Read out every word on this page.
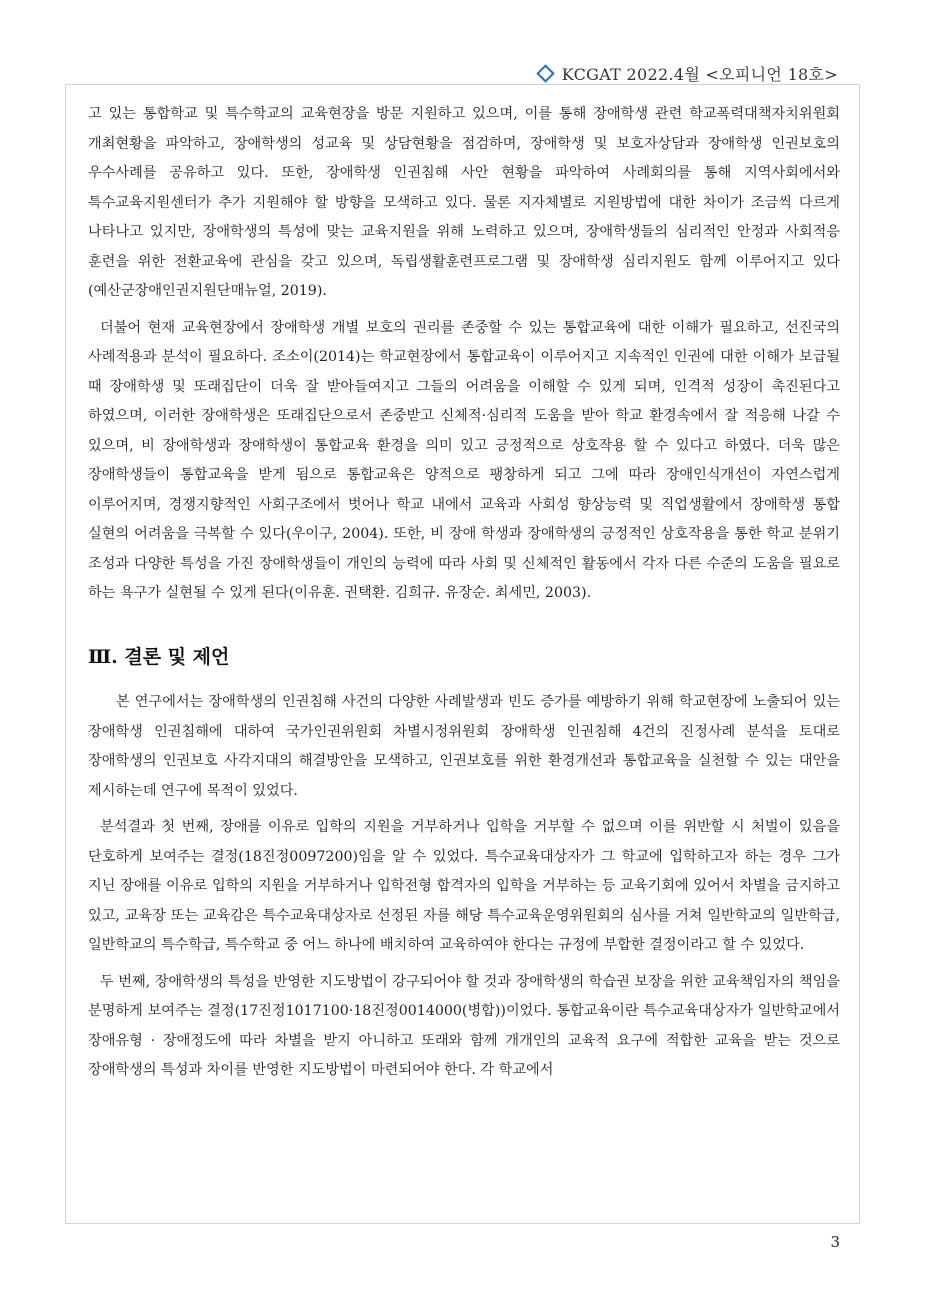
KCGAT 2022.4월 <오피니언 18호>

고 있는 통합학교 및 특수학교의 교육현장을 방문 지원하고 있으며, 이를 통해 장애학생 관련 학교폭력대책자치위원회 개최현황을 파악하고, 장애학생의 성교육 및 상담현황을 점검하며, 장애학생 및 보호자상담과 장애학생 인권보호의 우수사례를 공유하고 있다. 또한, 장애학생 인권침해 사안 현황을 파악하여 사례회의를 통해 지역사회에서와 특수교육지원센터가 추가 지원해야 할 방향을 모색하고 있다. 물론 지자체별로 지원방법에 대한 차이가 조금씩 다르게 나타나고 있지만, 장애학생의 특성에 맞는 교육지원을 위해 노력하고 있으며, 장애학생들의 심리적인 안정과 사회적응 훈련을 위한 전환교육에 관심을 갖고 있으며, 독립생활훈련프로그램 및 장애학생 심리지원도 함께 이루어지고 있다(예산군장애인권지원단매뉴얼, 2019).

더불어 현재 교육현장에서 장애학생 개별 보호의 권리를 존중할 수 있는 통합교육에 대한 이해가 필요하고, 선진국의 사례적용과 분석이 필요하다. 조소이(2014)는 학교현장에서 통합교육이 이루어지고 지속적인 인권에 대한 이해가 보급될 때 장애학생 및 또래집단이 더욱 잘 받아들여지고 그들의 어려움을 이해할 수 있게 되며, 인격적 성장이 촉진된다고 하였으며, 이러한 장애학생은 또래집단으로서 존중받고 신체적·심리적 도움을 받아 학교 환경속에서 잘 적응해 나갈 수 있으며, 비 장애학생과 장애학생이 통합교육 환경을 의미 있고 긍정적으로 상호작용 할 수 있다고 하였다. 더욱 많은 장애학생들이 통합교육을 받게 됨으로 통합교육은 양적으로 팽창하게 되고 그에 따라 장애인식개선이 자연스럽게 이루어지며, 경쟁지향적인 사회구조에서 벗어나 학교 내에서 교육과 사회성 향상능력 및 직업생활에서 장애학생 통합 실현의 어려움을 극복할 수 있다(우이구, 2004). 또한, 비 장애 학생과 장애학생의 긍정적인 상호작용을 통한 학교 분위기 조성과 다양한 특성을 가진 장애학생들이 개인의 능력에 따라 사회 및 신체적인 활동에서 각자 다른 수준의 도움을 필요로 하는 욕구가 실현될 수 있게 된다(이유훈. 권택환. 김희규. 유장순. 최세민, 2003).

Ⅲ. 결론 및 제언

본 연구에서는 장애학생의 인권침해 사건의 다양한 사례발생과 빈도 증가를 예방하기 위해 학교현장에 노출되어 있는 장애학생 인권침해에 대하여 국가인권위원회 차별시정위원회 장애학생 인권침해 4건의 진정사례 분석을 토대로 장애학생의 인권보호 사각지대의 해결방안을 모색하고, 인권보호를 위한 환경개선과 통합교육을 실천할 수 있는 대안을 제시하는데 연구에 목적이 있었다.

분석결과 첫 번째, 장애를 이유로 입학의 지원을 거부하거나 입학을 거부할 수 없으며 이를 위반할 시 처벌이 있음을 단호하게 보여주는 결정(18진정0097200)임을 알 수 있었다. 특수교육대상자가 그 학교에 입학하고자 하는 경우 그가 지닌 장애를 이유로 입학의 지원을 거부하거나 입학전형 합격자의 입학을 거부하는 등 교육기회에 있어서 차별을 금지하고 있고, 교육장 또는 교육감은 특수교육대상자로 선정된 자를 해당 특수교육운영위원회의 심사를 거쳐 일반학교의 일반학급, 일반학교의 특수학급, 특수학교 중 어느 하나에 배치하여 교육하여야 한다는 규정에 부합한 결정이라고 할 수 있었다.

두 번째, 장애학생의 특성을 반영한 지도방법이 강구되어야 할 것과 장애학생의 학습권 보장을 위한 교육책임자의 책임을 분명하게 보여주는 결정(17진정1017100·18진정0014000(병합))이었다. 통합교육이란 특수교육대상자가 일반학교에서 장애유형 · 장애정도에 따라 차별을 받지 아니하고 또래와 함께 개개인의 교육적 요구에 적합한 교육을 받는 것으로 장애학생의 특성과 차이를 반영한 지도방법이 마련되어야 한다. 각 학교에서

3
